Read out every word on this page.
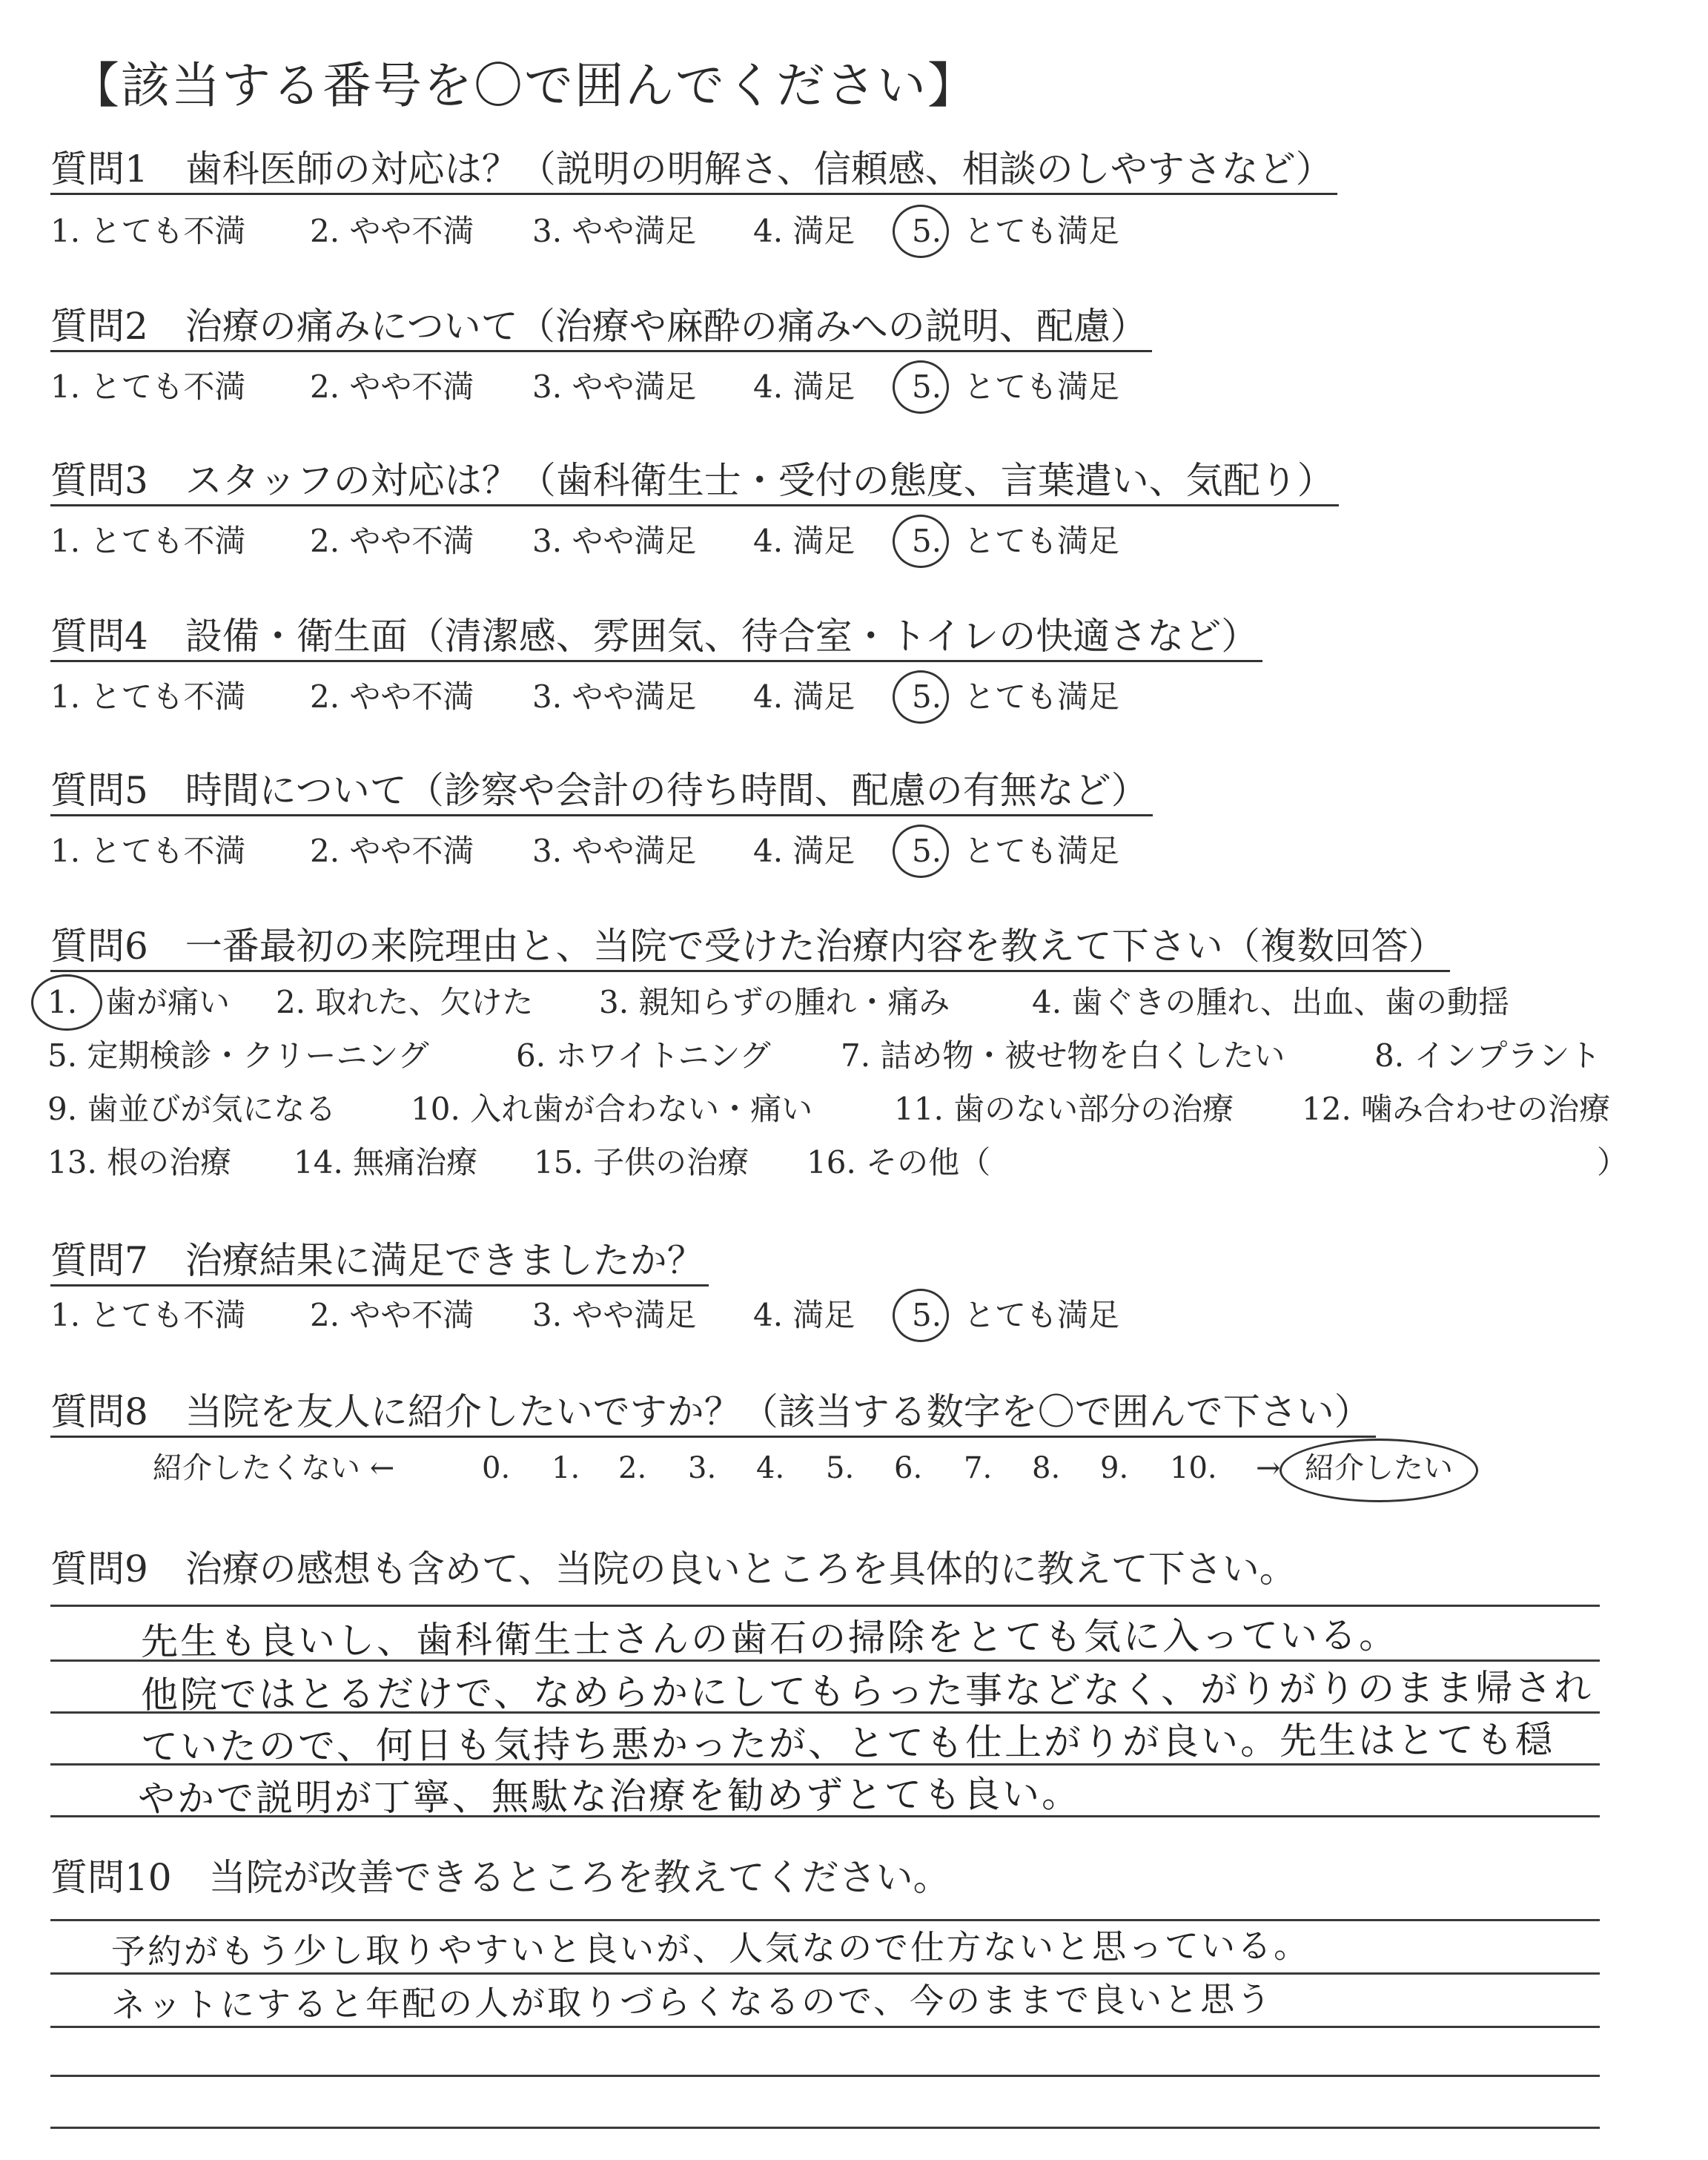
【該当する番号を〇で囲んでください】
質問1　歯科医師の対応は？（説明の明解さ、信頼感、相談のしやすさなど）
1. とても不満 2. やや不満 3. やや満足 4. 満足 5. とても満足
質問2　治療の痛みについて（治療や麻酔の痛みへの説明、配慮）
1. とても不満 2. やや不満 3. やや満足 4. 満足 5. とても満足
質問3　スタッフの対応は？（歯科衛生士・受付の態度、言葉遣い、気配り）
1. とても不満 2. やや不満 3. やや満足 4. 満足 5. とても満足
質問4　設備・衛生面（清潔感、雰囲気、待合室・トイレの快適さなど）
1. とても不満 2. やや不満 3. やや満足 4. 満足 5. とても満足
質問5　時間について（診察や会計の待ち時間、配慮の有無など）
1. とても不満 2. やや不満 3. やや満足 4. 満足 5. とても満足
質問6　一番最初の来院理由と、当院で受けた治療内容を教えて下さい（複数回答）
1. 歯が痛い 2. 取れた、欠けた 3. 親知らずの腫れ・痛み	4. 歯ぐきの腫れ、出血、歯の動揺
5. 定期検診・クリーニング	6. ホワイトニング 7. 詰め物・被せ物を白くしたい	8. インプラント
9. 歯並びが気になる 10. 入れ歯が合わない・痛い	11. 歯のない部分の治療 12. 噛み合わせの治療
13. 根の治療 14. 無痛治療 15. 子供の治療 16. その他（	）
質問7　治療結果に満足できましたか？
1. とても不満 2. やや不満 3. やや満足 4. 満足 5. とても満足
質問8　当院を友人に紹介したいですか？（該当する数字を〇で囲んで下さい）
紹介したくない ←	0. 1. 2. 3. 4. 5. 6. 7. 8. 9. 10. → 紹介したい
質問9　治療の感想も含めて、当院の良いところを具体的に教えて下さい。
先生も良いし、歯科衛生士さんの歯石の掃除をとても気に入っている。
他院ではとるだけで、なめらかにしてもらった事などなく、がりがりのまま帰され
ていたので、何日も気持ち悪かったが、とても仕上がりが良い。先生はとても穏
やかで説明が丁寧、無駄な治療を勧めずとても良い。
質問10　当院が改善できるところを教えてください。
予約がもう少し取りやすいと良いが、人気なので仕方ないと思っている。
ネットにすると年配の人が取りづらくなるので、今のままで良いと思う
